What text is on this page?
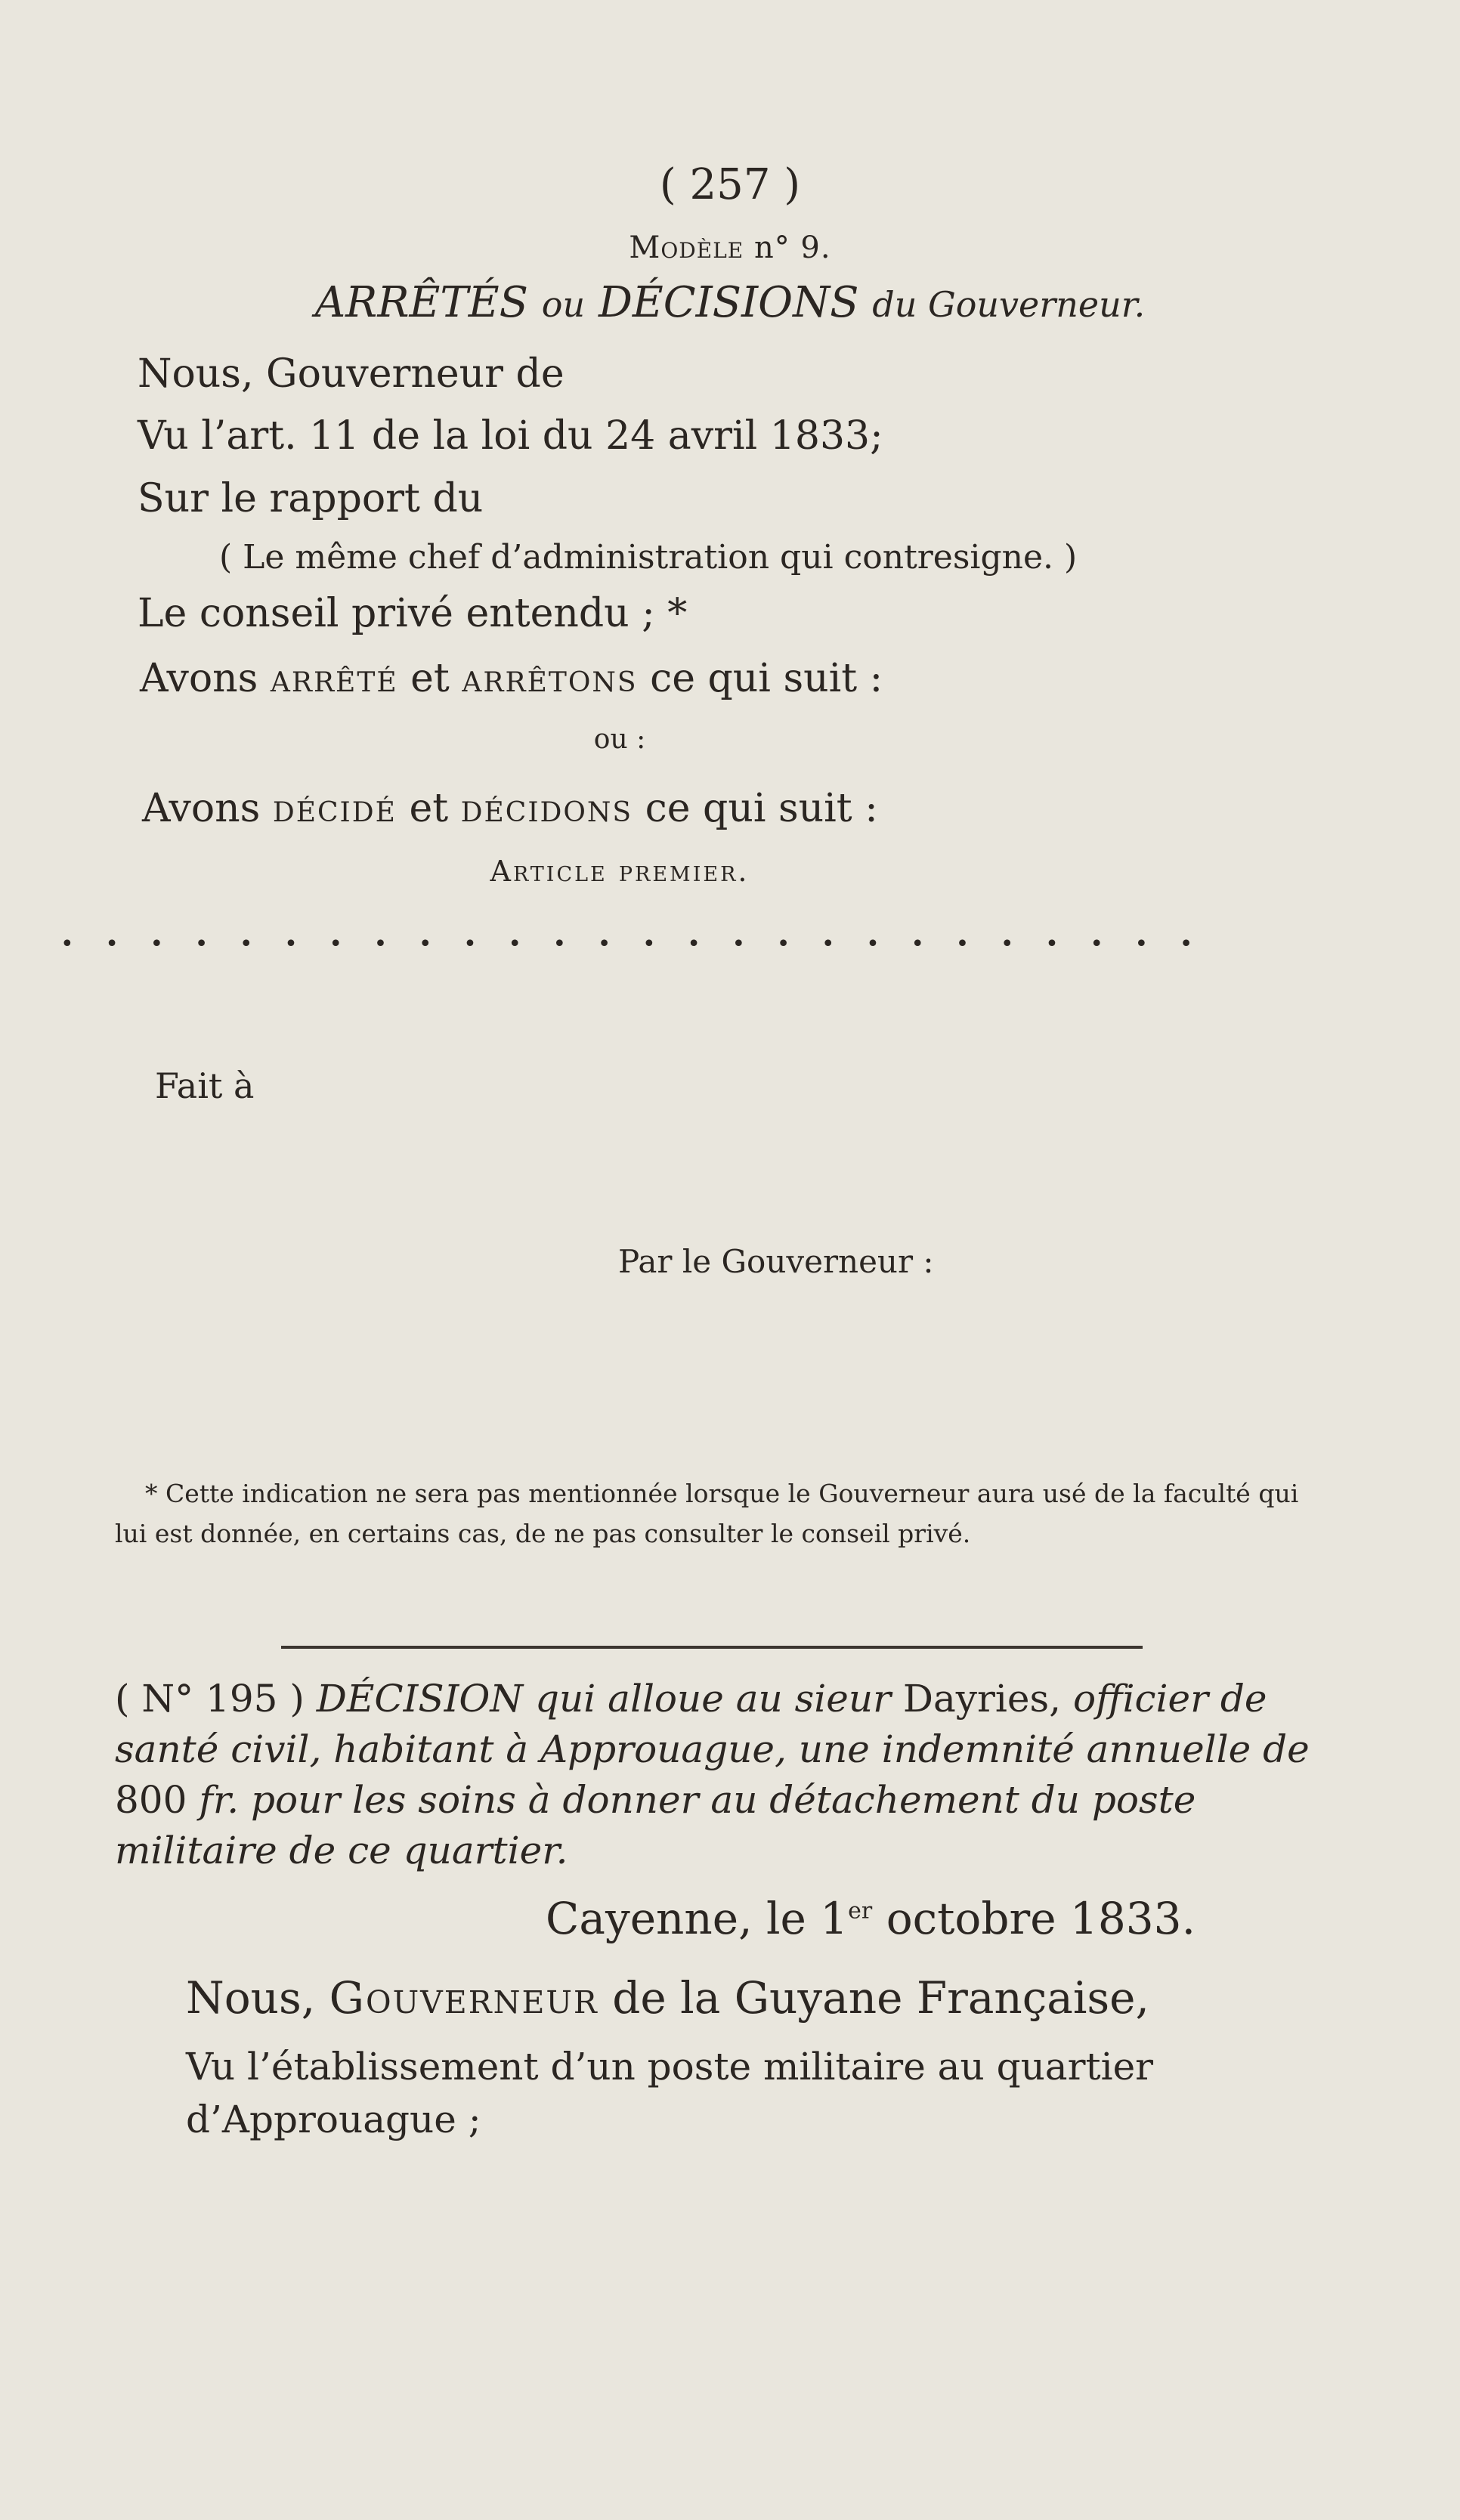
( 257 )
Modèle n° 9.
ARRÊTÉS ou DÉCISIONS du Gouverneur.
Nous, Gouverneur de
Vu l’art. 11 de la loi du 24 avril 1833;
Sur le rapport du
( Le même chef d’administration qui contresigne. )
Le conseil privé entendu ; *
Avons arrêté et arrêtons ce qui suit :
ou :
Avons décidé et décidons ce qui suit :
Article premier.
• • • • • • • • • • • • • • • • • • • • • • • • • •
Fait à
Par le Gouverneur :
* Cette indication ne sera pas mentionnée lorsque le Gouverneur aura usé de la faculté qui lui est donnée, en certains cas, de ne pas consulter le conseil privé.
( N° 195 ) DÉCISION qui alloue au sieur Dayries, officier de santé civil, habitant à Approuague, une indemnité annuelle de 800 fr. pour les soins à donner au détachement du poste militaire de ce quartier.
Cayenne, le 1er octobre 1833.
Nous, Gouverneur de la Guyane Française,
Vu l’établissement d’un poste militaire au quartier d’Approuague ;
